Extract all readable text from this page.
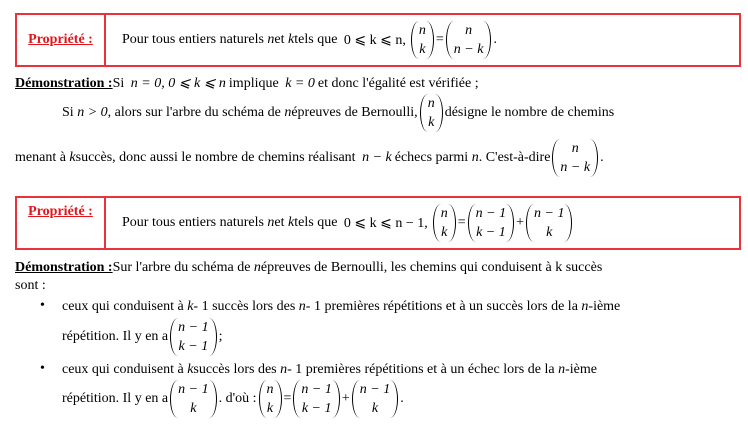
Propriété :	Pour tous entiers naturels
n et
k tels que
0 ⩽ k ⩽ n,
n
k
=
n
n − k
.
Démonstration : Si
n = 0, 0 ⩽ k ⩽ n implique
k = 0 et donc l'égalité est vérifiée ;
Si
n > 0 , alors sur l'arbre du schéma de
n épreuves de Bernoulli,
n
k
désigne le nombre de chemins
menant à
k succès, donc aussi le nombre de chemins réalisant
n − k échecs parmi
n . C'est-à-dire
n
n − k
.
Propriété :
Pour tous entiers naturels
n et
k tels que
0 ⩽ k ⩽ n − 1,
n
k
=
n − 1
k − 1
+
n − 1
k
Démonstration : Sur l'arbre du schéma de
n épreuves de Bernoulli, les chemins qui conduisent à k succès
sont :
• ceux qui conduisent à
k - 1 succès lors des
n - 1 premières répétitions et à un succès lors de la
n -ième
répétition. Il y en a
n − 1
k − 1
;
• ceux qui conduisent à
k succès lors des
n - 1 premières répétitions et à un échec lors de la
n -ième
répétition. Il y en a
n − 1
k
. d'où :
n
k
=
n − 1
k − 1
+
n − 1
k
.
